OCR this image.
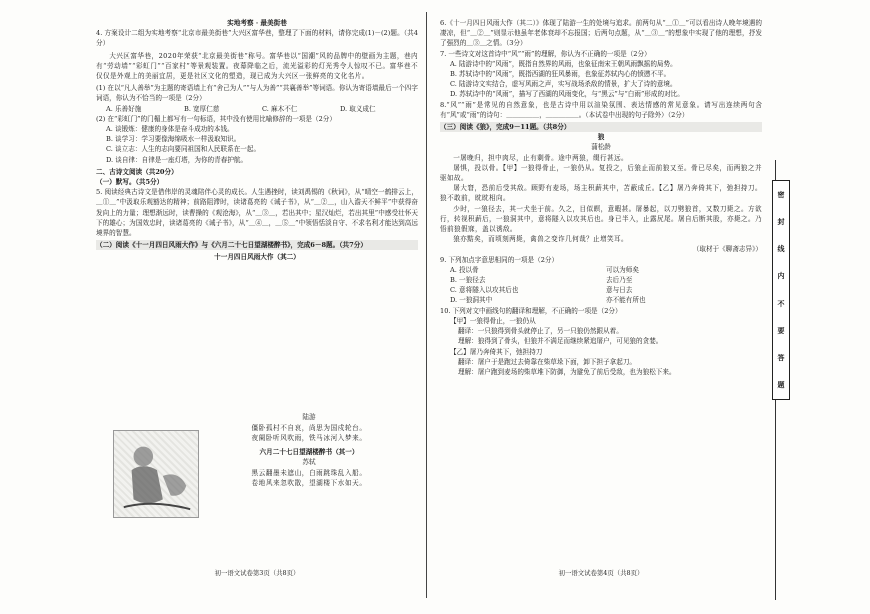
实地考察 · 最美街巷
4. 方案设计二组为实地考察“北京市最美街巷”大兴区富华巷，整理了下面的材料，请你完成(1)－(2)题。（共4分）
大兴区富华巷，2020年荣获“北京最美街巷”称号。富华巷以“国潮”风的品牌中的壁画为主题，巷内有“劳动墙”“彩虹门”“百家村”等景观装置。夜幕降临之后，流光溢彩的灯光秀令人惊叹不已。富华巷不仅仅是外观上的美丽宜居，更是社区文化的塑造，现已成为大兴区一张鲜亮的文化名片。
(1) 在以“凡人善举”为主题的寄语墙上有“舍己为人”“与人为善”“共襄善举”等词语。你认为寄语墙最后一个四字词语，你认为不恰当的一项是（2分）
A. 乐善好施	B. 宽厚仁慈	C. 麻木不仁	D. 取义成仁
(2) 在“彩虹门”的门楣上都写有一句标语，其中没有使用比喻修辞的一项是（2分）
A. 谈锻炼：健康的身体是奋斗成功的本钱。
B. 谈学习：学习要像海绵吸水一样汲取知识。
C. 谈立志：人生的志向要同祖国和人民联系在一起。
D. 谈自律：自律是一座灯塔，为你的青春护航。
二、古诗文阅读（共20分）
（一）默写。（共5分）
5. 阅读经典古诗文是借伟岸的灵魂陪伴心灵的成长。人生遇挫时，读刘禹锡的《秋词》，从“晴空一鹤排云上，＿①＿”中汲取乐观豁达的精神；前路阻滞时，读诸葛亮的《诫子书》，从“＿②＿，山入澹天不鲜平”中获得奋发向上的力量；理想渐远时，读曹操的《观沧海》，从“＿③＿，若出其中；星汉灿烂，若出其里”中感受壮怀天下的雄心；为国效忠时，读诸葛亮的《诫子书》，从“＿④＿，＿⑤＿”中领悟恬淡自守、不求名利才能达到高远境界的智慧。
（二）阅读《十一月四日风雨大作》与《六月二十七日望湖楼醉书》，完成6－8题。（共7分）
十一月四日风雨大作（其二）
初一语文试卷第3页（共8页）
陆游
僵卧孤村不自哀，尚思为国戍轮台。
夜阑卧听风吹雨，铁马冰河入梦来。
六月二十七日望湖楼醉书（其一）
苏轼
黑云翻墨未遮山，白雨跳珠乱入船。
卷地风来忽吹散，望湖楼下水如天。
6.《十一月四日风雨大作（其二）》体现了陆游一生的处境与追求。前两句从“＿①＿”可以看出诗人晚年境遇的凄凉，但“＿②＿”则显示他虽年老体衰却不忘报国；后两句点题，从“＿③＿”的想象中实现了他的理想，抒发了强烈的＿③＿之情。（3分）
7. 一些诗文对这首诗中“风”“雨”的理解，你认为不正确的一项是（2分）
A. 陆游诗中的“风雨”，既指自然界的风雨，也象征南宋王朝风雨飘摇的局势。
B. 苏轼诗中的“风雨”，既指西湖的狂风暴雨，也象征苏轼内心的愤懑不平。
C. 陆游诗文实结合，虚写风雨之声，实写战场杀敌的情景，扩大了诗的意境。
D. 苏轼诗中的“风雨”，描写了西湖的风雨变化，与“黑云”与“白雨”形成的对比。
8.“风”“雨”是常见的自然意象，也是古诗中用以渲染氛围、表达情感的常见意象。请写出连续两句含有“风”或“雨”的诗句：＿＿＿＿＿，＿＿＿＿＿。（本试卷中出现的句子除外）（2分）
（三）阅读《狼》，完成9－11题。（共8分）
狼
蒲松龄
一屠晚归，担中肉尽，止有剩骨。途中两狼，缀行甚远。
屠惧，投以骨。【甲】一狼得骨止，一狼仍从。复投之，后狼止而前狼又至。骨已尽矣，而两狼之并驱如故。
屠大窘，恐前后受其敌。顾野有麦场，场主积薪其中，苫蔽成丘。【乙】屠乃奔倚其下，弛担持刀。狼不敢前，眈眈相向。
少时，一狼径去，其一犬坐于前。久之，目似瞑，意暇甚。屠暴起，以刀劈狼首，又数刀毙之。方欲行，转视积薪后，一狼洞其中，意将隧入以攻其后也。身已半入，止露尻尾。屠自后断其股，亦毙之。乃悟前狼假寐，盖以诱敌。
狼亦黠矣，而顷刻两毙，禽兽之变诈几何哉？止增笑耳。
（取材于《聊斋志异》）
9. 下列加点字意思相同的一项是（2分）
A. 投以骨	可以为师矣
B. 一狼径去	去后乃至
C. 意将隧入以攻其后也	意与日去
D. 一狼洞其中	亦不能有所也
10. 下列对文中画线句的翻译和理解，不正确的一项是（2分）
【甲】一狼得骨止，一狼仍从
翻译：一只狼得到骨头就停止了，另一只狼仍然跟从着。
理解：狼得到了骨头，但狼并不满足而继续紧追屠户，可见狼的贪婪。
【乙】屠乃奔倚其下，弛担持刀
翻译：屠户于是跑过去倚靠在柴草垛下面，卸下担子拿起刀。
理解：屠户跑到麦场的柴草堆下防御，为避免了前后受敌，也为狼松下来。
初一语文试卷第4页（共8页）
密
封
线
内
不
要
答
题
